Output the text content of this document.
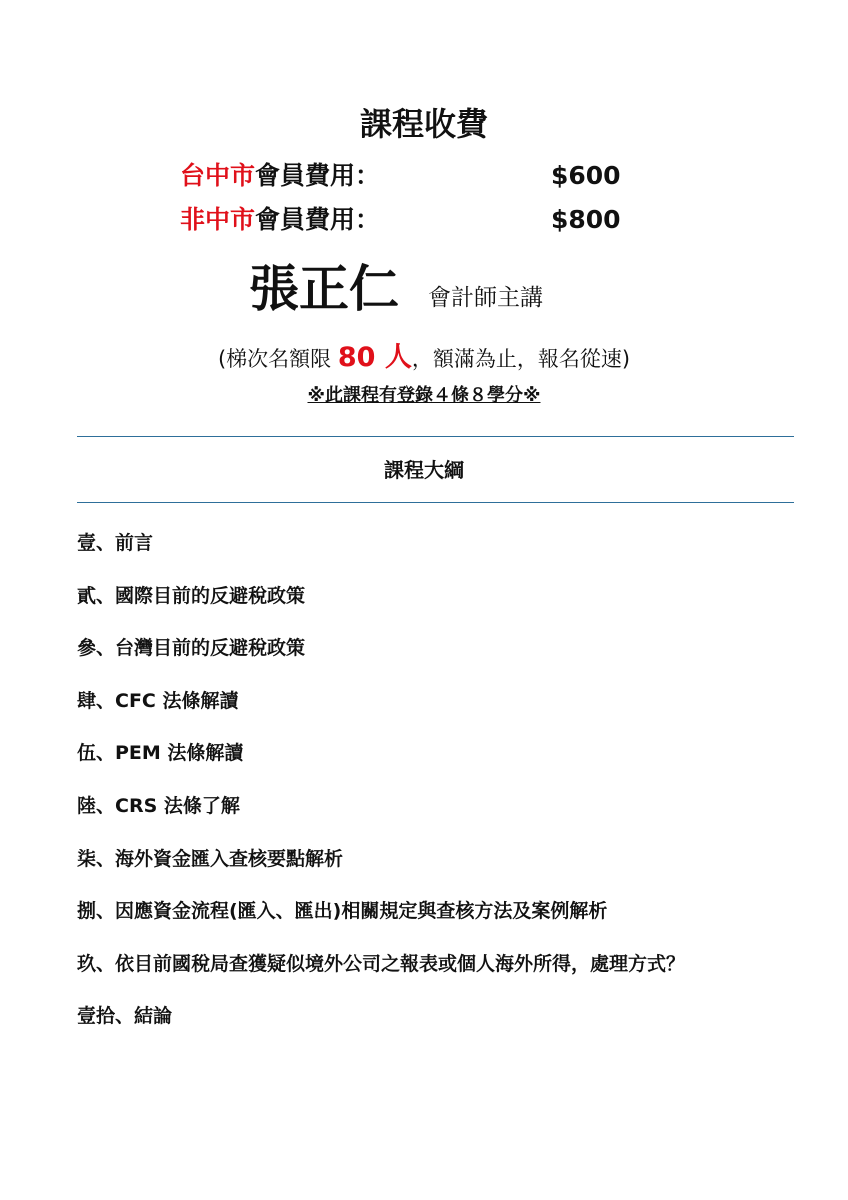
課程收費
台中市會員費用：	$600
非中市會員費用：	$800
張正仁 會計師主講
(梯次名額限 80 人，額滿為止，報名從速)
※此課程有登錄４條８學分※
課程大綱
壹、前言
貳、國際目前的反避稅政策
參、台灣目前的反避稅政策
肆、CFC 法條解讀
伍、PEM 法條解讀
陸、CRS 法條了解
柒、海外資金匯入查核要點解析
捌、因應資金流程(匯入、匯出)相關規定與查核方法及案例解析
玖、依目前國稅局查獲疑似境外公司之報表或個人海外所得，處理方式？
壹拾、結論
